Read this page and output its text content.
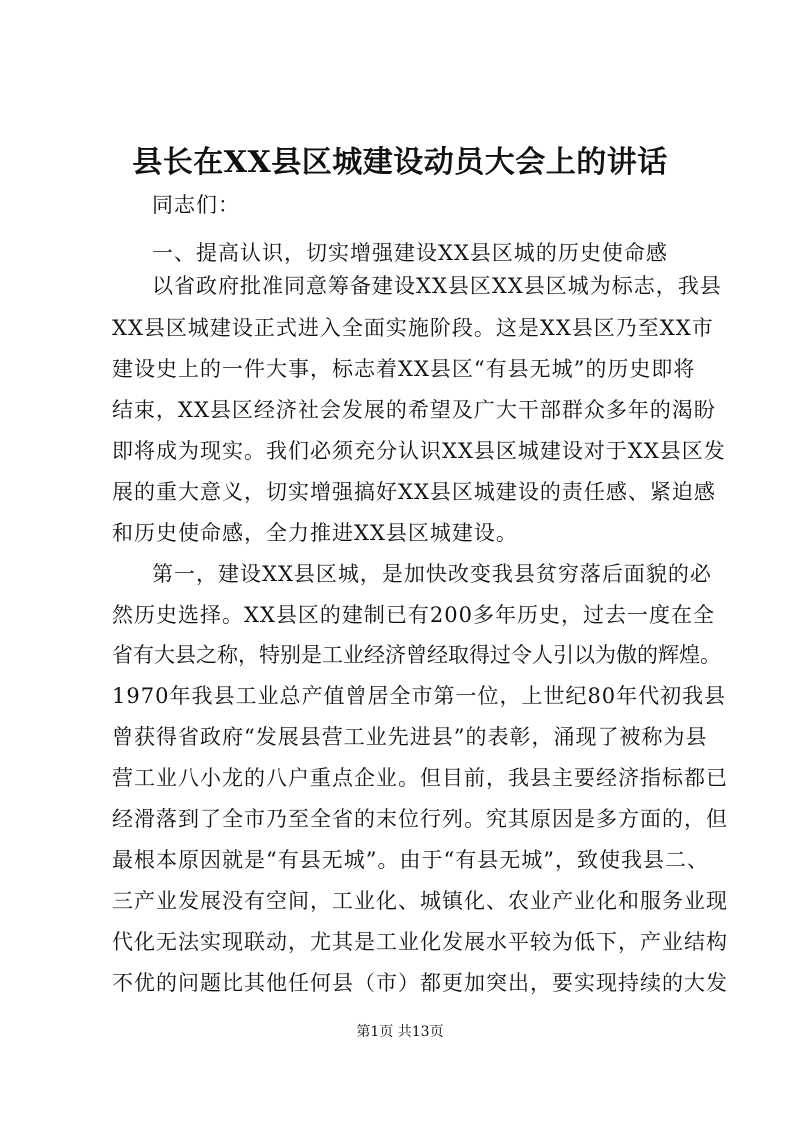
县长在XX县区城建设动员大会上的讲话
同志们：
一、提高认识，切实增强建设XX县区城的历史使命感
以省政府批准同意筹备建设XX县区XX县区城为标志，我县
XX县区城建设正式进入全面实施阶段。这是XX县区乃至XX市
建设史上的一件大事，标志着XX县区“有县无城”的历史即将
结束，XX县区经济社会发展的希望及广大干部群众多年的渴盼
即将成为现实。我们必须充分认识XX县区城建设对于XX县区发
展的重大意义，切实增强搞好XX县区城建设的责任感、紧迫感
和历史使命感，全力推进XX县区城建设。
第一，建设XX县区城，是加快改变我县贫穷落后面貌的必
然历史选择。XX县区的建制已有200多年历史，过去一度在全
省有大县之称，特别是工业经济曾经取得过令人引以为傲的辉煌。
1970年我县工业总产值曾居全市第一位，上世纪80年代初我县
曾获得省政府“发展县营工业先进县”的表彰，涌现了被称为县
营工业八小龙的八户重点企业。但目前，我县主要经济指标都已
经滑落到了全市乃至全省的末位行列。究其原因是多方面的，但
最根本原因就是“有县无城”。由于“有县无城”，致使我县二、
三产业发展没有空间，工业化、城镇化、农业产业化和服务业现
代化无法实现联动，尤其是工业化发展水平较为低下，产业结构
不优的问题比其他任何县（市）都更加突出，要实现持续的大发
第1页 共13页
